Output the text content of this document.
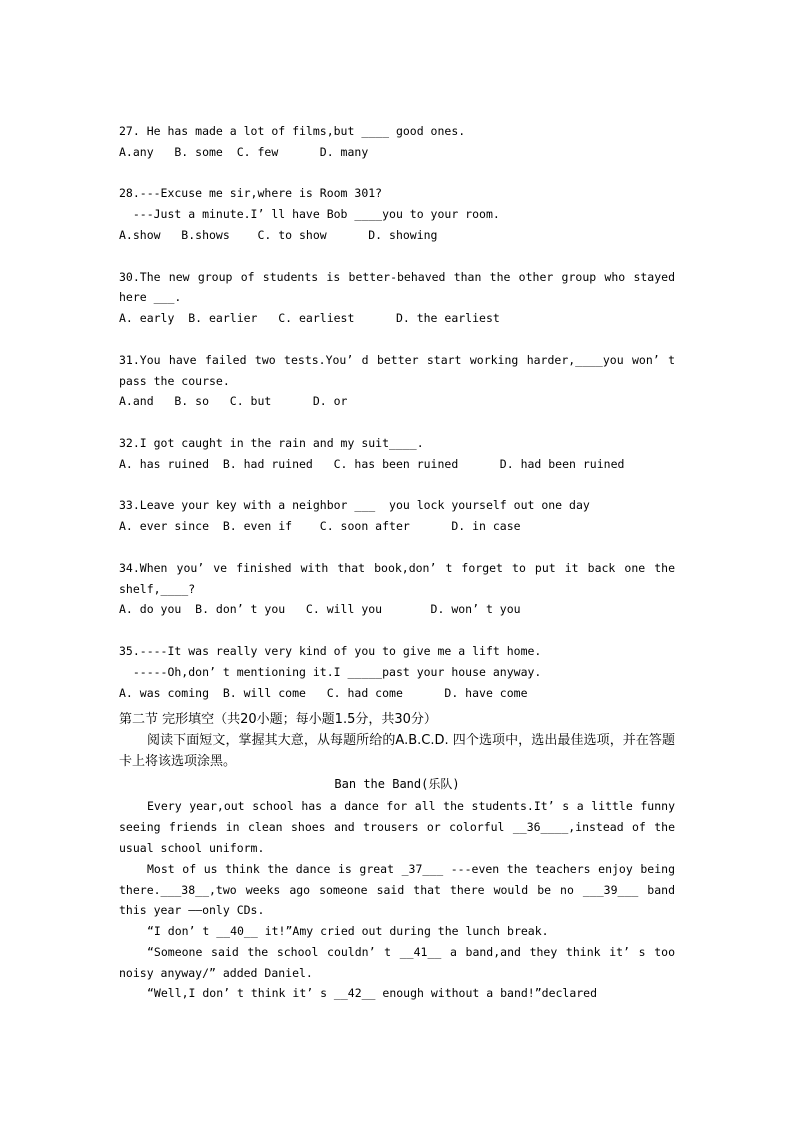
27. He has made a lot of films,but ____ good ones.
A.any   B. some  C. few      D. many
28.---Excuse me sir,where is Room 301?
---Just a minute.I’ ll have Bob ____you to your room.
A.show   B.shows    C. to show      D. showing
30.The new group of students is better-behaved than the other group who stayed here ___.
A. early  B. earlier   C. earliest      D. the earliest
31.You have failed two tests.You’ d better start working harder,____you won’ t pass the course.
A.and   B. so   C. but      D. or
32.I got caught in the rain and my suit____.
A. has ruined  B. had ruined   C. has been ruined      D. had been ruined
33.Leave your key with a neighbor ___  you lock yourself out one day
A. ever since  B. even if    C. soon after      D. in case
34.When you’ ve finished with that book,don’ t forget to put it back one the shelf,____?
A. do you  B. don’ t you   C. will you       D. won’ t you
35.----It was really very kind of you to give me a lift home.
-----Oh,don’ t mentioning it.I _____past your house anyway.
A. was coming  B. will come   C. had come      D. have come
第二节 完形填空（共20小题；每小题1.5分，共30分）
阅读下面短文，掌握其大意，从每题所给的A.B.C.D. 四个选项中，选出最佳选项，并在答题卡上将该选项涂黑。
Ban the Band(乐队)
Every year,out school has a dance for all the students.It’ s a little funny seeing friends in clean shoes and trousers or colorful __36____,instead of the usual school uniform.
Most of us think the dance is great _37___ ---even the teachers enjoy being there.___38__,two weeks ago someone said that there would be no ___39___ band this year ——only CDs.
“I don’ t __40__ it!”Amy cried out during the lunch break.
“Someone said the school couldn’ t __41__ a band,and they think it’ s too noisy anyway/” added Daniel.
“Well,I don’ t think it’ s __42__ enough without a band!”declared
